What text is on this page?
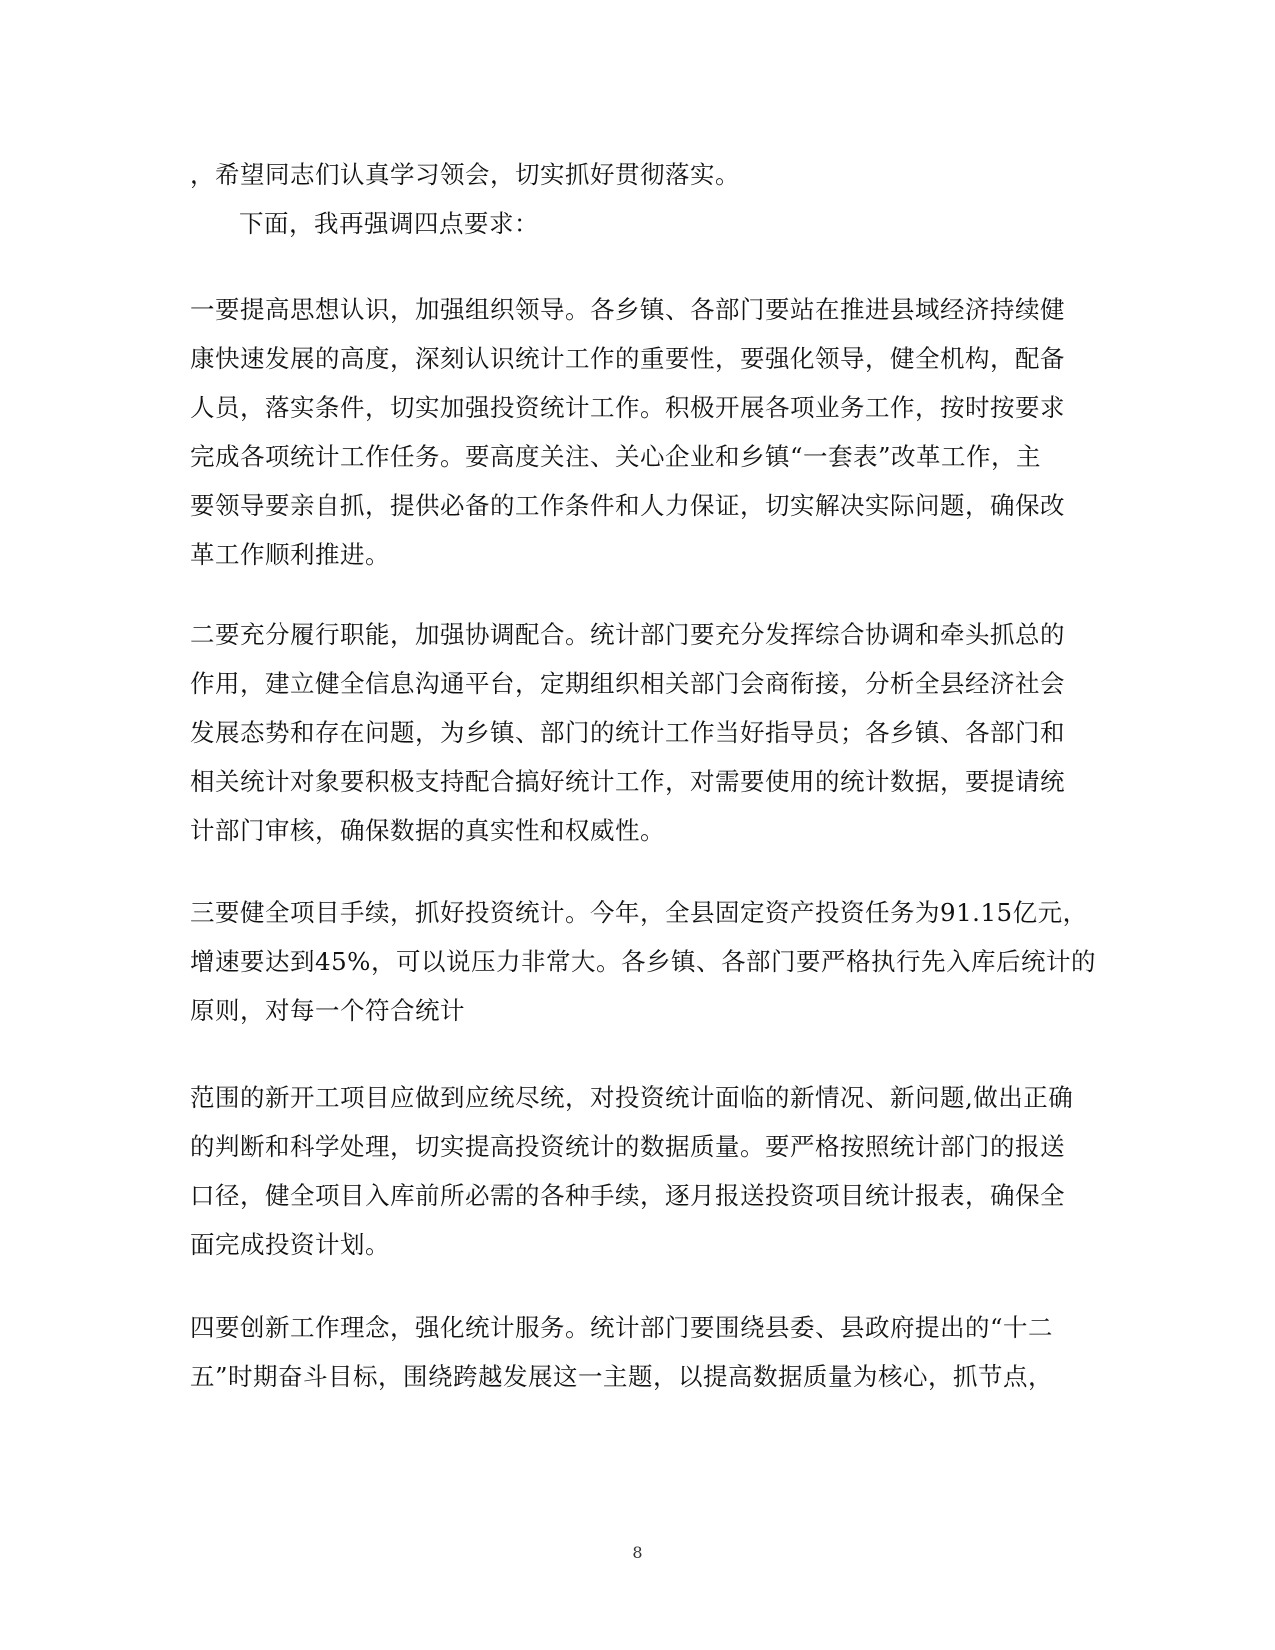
，希望同志们认真学习领会，切实抓好贯彻落实。
下面，我再强调四点要求：
一要提高思想认识，加强组织领导。各乡镇、各部门要站在推进县域经济持续健
康快速发展的高度，深刻认识统计工作的重要性，要强化领导，健全机构，配备
人员，落实条件，切实加强投资统计工作。积极开展各项业务工作，按时按要求
完成各项统计工作任务。要高度关注、关心企业和乡镇“一套表”改革工作，主
要领导要亲自抓，提供必备的工作条件和人力保证，切实解决实际问题，确保改
革工作顺利推进。
二要充分履行职能，加强协调配合。统计部门要充分发挥综合协调和牵头抓总的
作用，建立健全信息沟通平台，定期组织相关部门会商衔接，分析全县经济社会
发展态势和存在问题，为乡镇、部门的统计工作当好指导员；各乡镇、各部门和
相关统计对象要积极支持配合搞好统计工作，对需要使用的统计数据，要提请统
计部门审核，确保数据的真实性和权威性。
三要健全项目手续，抓好投资统计。今年，全县固定资产投资任务为91.15亿元，
增速要达到45%，可以说压力非常大。各乡镇、各部门要严格执行先入库后统计的
原则，对每一个符合统计
范围的新开工项目应做到应统尽统，对投资统计面临的新情况、新问题,做出正确
的判断和科学处理，切实提高投资统计的数据质量。要严格按照统计部门的报送
口径，健全项目入库前所必需的各种手续，逐月报送投资项目统计报表，确保全
面完成投资计划。
四要创新工作理念，强化统计服务。统计部门要围绕县委、县政府提出的“十二
五”时期奋斗目标，围绕跨越发展这一主题，以提高数据质量为核心，抓节点，
8
